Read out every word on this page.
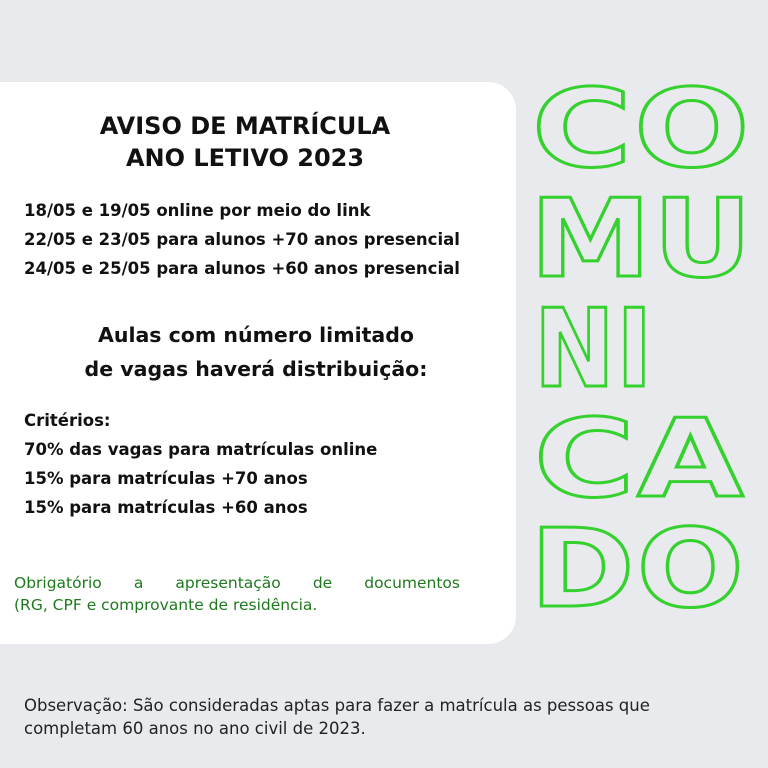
AVISO DE MATRÍCULA
ANO LETIVO 2023
18/05 e 19/05 online por meio do link
22/05 e 23/05 para alunos +70 anos presencial
24/05 e 25/05 para alunos +60 anos presencial
Aulas com número limitado
de vagas haverá distribuição:
Critérios:
70% das vagas para matrículas online
15% para matrículas +70 anos
15% para matrículas +60 anos
Obrigatório a apresentação de documentos
(RG, CPF e comprovante de residência.
Observação: São consideradas aptas para fazer a matrícula as pessoas que
completam 60 anos no ano civil de 2023.
CO
MU
NI
CA
DO
